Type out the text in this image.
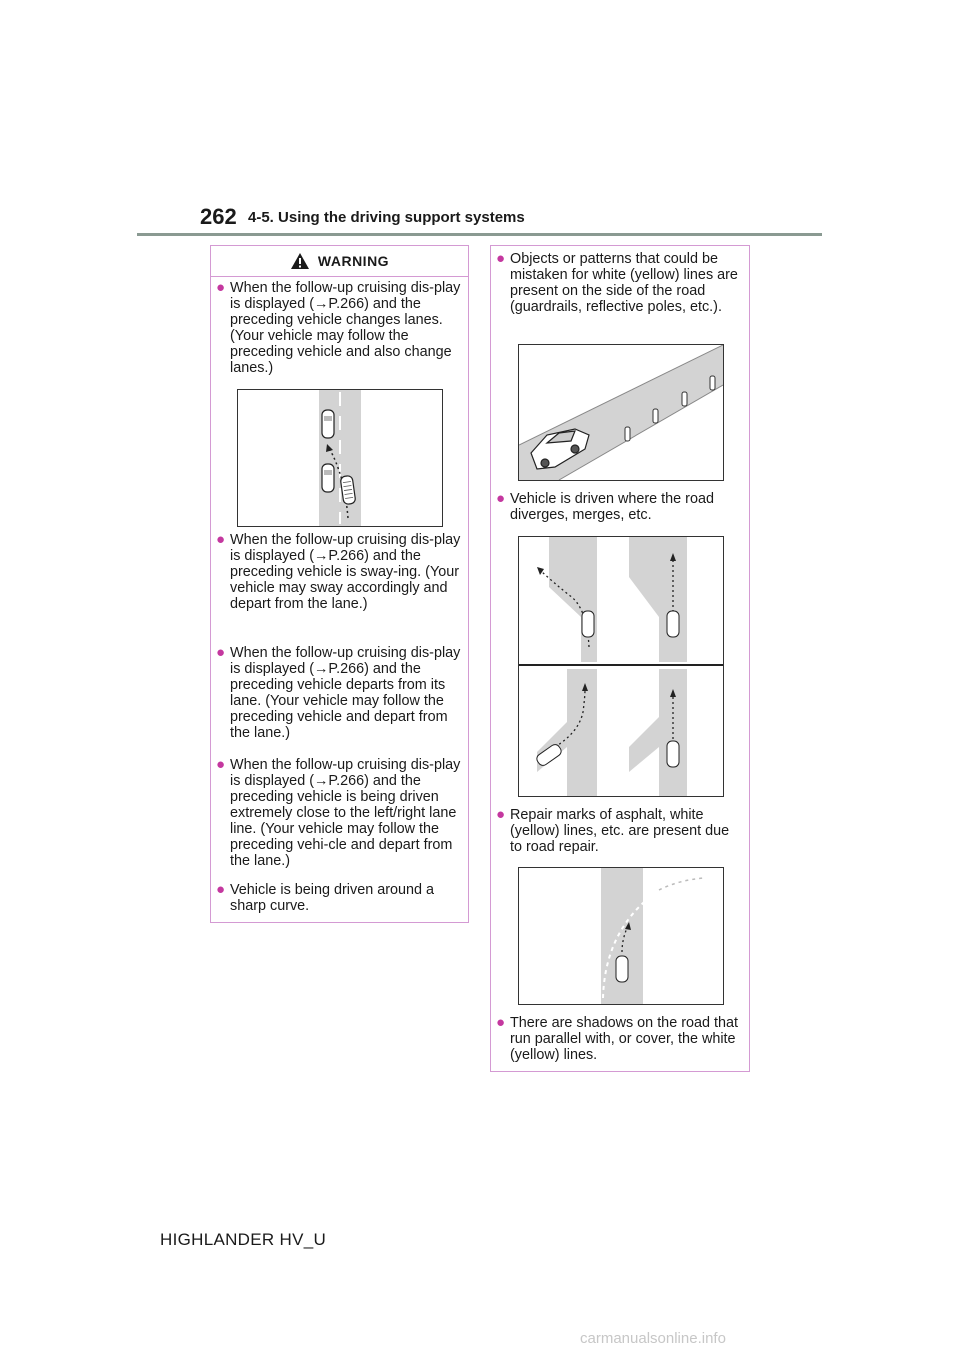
262 4-5. Using the driving support systems
WARNING
● When the follow-up cruising dis-play is displayed (→P.266) and the preceding vehicle changes lanes. (Your vehicle may follow the preceding vehicle and also change lanes.)
● When the follow-up cruising dis-play is displayed (→P.266) and the preceding vehicle is sway-ing. (Your vehicle may sway accordingly and depart from the lane.)
● When the follow-up cruising dis-play is displayed (→P.266) and the preceding vehicle departs from its lane. (Your vehicle may follow the preceding vehicle and depart from the lane.)
● When the follow-up cruising dis-play is displayed (→P.266) and the preceding vehicle is being driven extremely close to the left/right lane line. (Your vehicle may follow the preceding vehi-cle and depart from the lane.)
● Vehicle is being driven around a sharp curve.
● Objects or patterns that could be mistaken for white (yellow) lines are present on the side of the road (guardrails, reflective poles, etc.).
● Vehicle is driven where the road diverges, merges, etc.
● Repair marks of asphalt, white (yellow) lines, etc. are present due to road repair.
● There are shadows on the road that run parallel with, or cover, the white (yellow) lines.
HIGHLANDER HV_U
carmanualsonline.info
